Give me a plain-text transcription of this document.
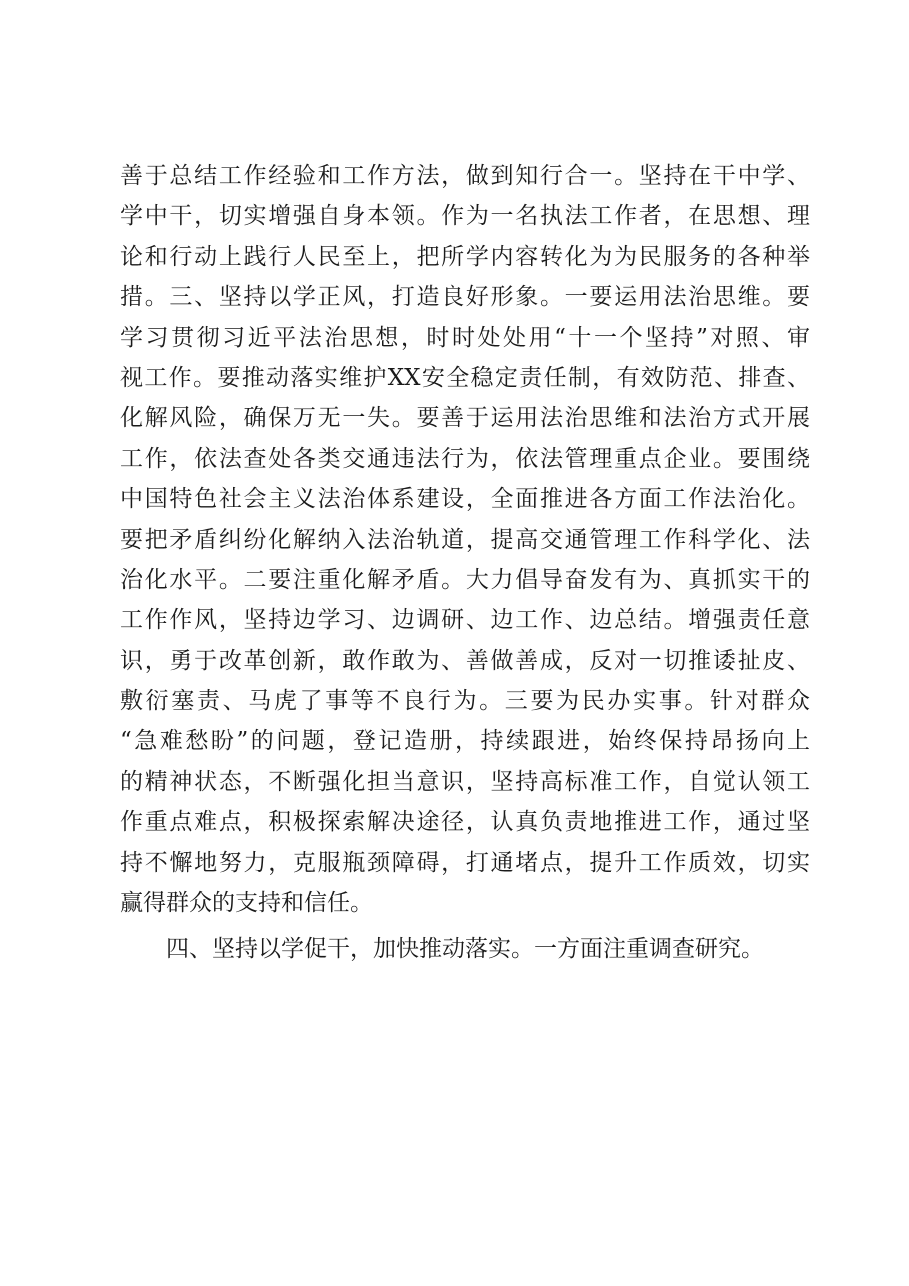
善于总结工作经验和工作方法，做到知行合一。坚持在干中学、
学中干，切实增强自身本领。作为一名执法工作者，在思想、理
论和行动上践行人民至上，把所学内容转化为为民服务的各种举
措。三、坚持以学正风，打造良好形象。一要运用法治思维。要
学习贯彻习近平法治思想，时时处处用“十一个坚持”对照、审
视工作。要推动落实维护XX安全稳定责任制，有效防范、排查、
化解风险，确保万无一失。要善于运用法治思维和法治方式开展
工作，依法查处各类交通违法行为，依法管理重点企业。要围绕
中国特色社会主义法治体系建设，全面推进各方面工作法治化。
要把矛盾纠纷化解纳入法治轨道，提高交通管理工作科学化、法
治化水平。二要注重化解矛盾。大力倡导奋发有为、真抓实干的
工作作风，坚持边学习、边调研、边工作、边总结。增强责任意
识，勇于改革创新，敢作敢为、善做善成，反对一切推诿扯皮、
敷衍塞责、马虎了事等不良行为。三要为民办实事。针对群众
“急难愁盼”的问题，登记造册，持续跟进，始终保持昂扬向上
的精神状态，不断强化担当意识，坚持高标准工作，自觉认领工
作重点难点，积极探索解决途径，认真负责地推进工作，通过坚
持不懈地努力，克服瓶颈障碍，打通堵点，提升工作质效，切实
赢得群众的支持和信任。
四、坚持以学促干，加快推动落实。一方面注重调查研究。
